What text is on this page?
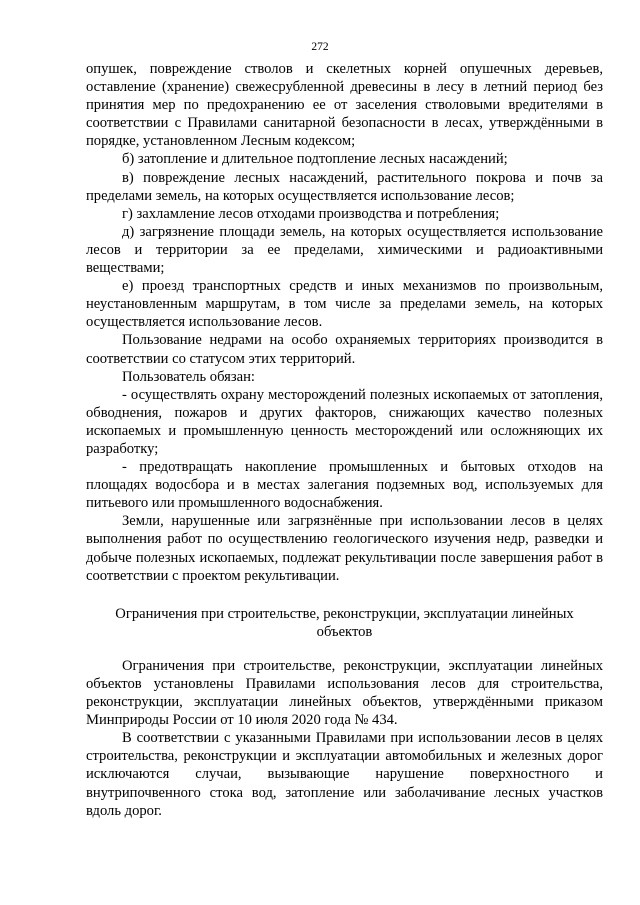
272

опушек, повреждение стволов и скелетных корней опушечных деревьев, оставление (хранение) свежесрубленной древесины в лесу в летний период без принятия мер по предохранению ее от заселения стволовыми вредителями в соответствии с Правилами санитарной безопасности в лесах, утверждёнными в порядке, установленном Лесным кодексом;

б) затопление и длительное подтопление лесных насаждений;

в) повреждение лесных насаждений, растительного покрова и почв за пределами земель, на которых осуществляется использование лесов;

г) захламление лесов отходами производства и потребления;

д) загрязнение площади земель, на которых осуществляется использование лесов и территории за ее пределами, химическими и радиоактивными веществами;

е) проезд транспортных средств и иных механизмов по произвольным, неустановленным маршрутам, в том числе за пределами земель, на которых осуществляется использование лесов.

Пользование недрами на особо охраняемых территориях производится в соответствии со статусом этих территорий.

Пользователь обязан:

- осуществлять охрану месторождений полезных ископаемых от затопления, обводнения, пожаров и других факторов, снижающих качество полезных ископаемых и промышленную ценность месторождений или осложняющих их разработку;

- предотвращать накопление промышленных и бытовых отходов на площадях водосбора и в местах залегания подземных вод, используемых для питьевого или промышленного водоснабжения.

Земли, нарушенные или загрязнённые при использовании лесов в целях выполнения работ по осуществлению геологического изучения недр, разведки и добыче полезных ископаемых, подлежат рекультивации после завершения работ в соответствии с проектом рекультивации.

Ограничения при строительстве, реконструкции, эксплуатации линейных объектов

Ограничения при строительстве, реконструкции, эксплуатации линейных объектов установлены Правилами использования лесов для строительства, реконструкции, эксплуатации линейных объектов, утверждёнными приказом Минприроды России от 10 июля 2020 года № 434.

В соответствии с указанными Правилами при использовании лесов в целях строительства, реконструкции и эксплуатации автомобильных и железных дорог исключаются случаи, вызывающие нарушение поверхностного и внутрипочвенного стока вод, затопление или заболачивание лесных участков вдоль дорог.
